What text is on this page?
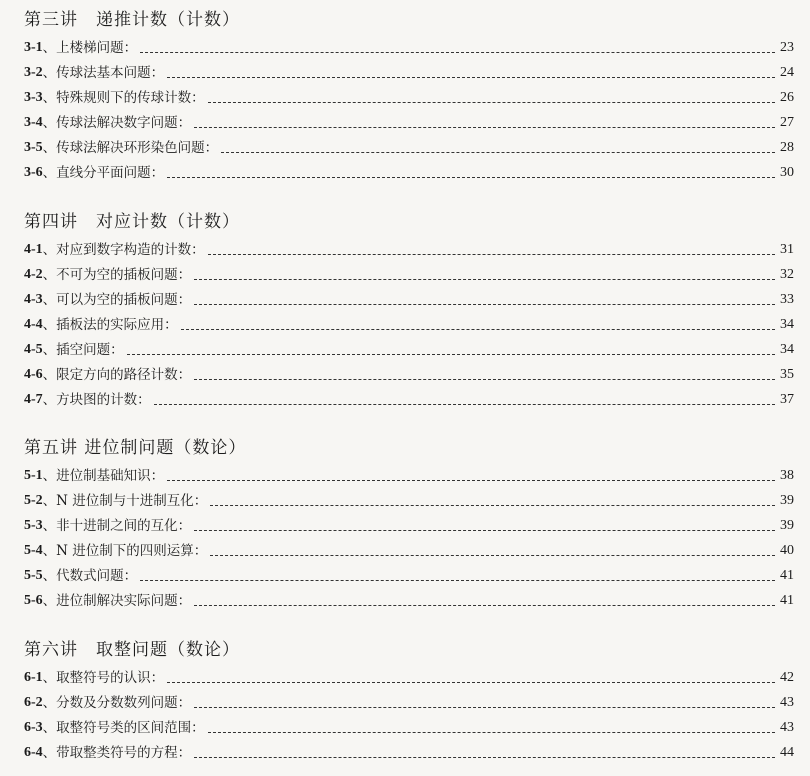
第三讲　递推计数（计数）
3-1 、上楼梯问题：	23
3-2 、传球法基本问题：	24
3-3 、特殊规则下的传球计数：	26
3-4 、传球法解决数字问题：	27
3-5 、传球法解决环形染色问题：	28
3-6 、直线分平面问题：	30
第四讲　对应计数（计数）
4-1 、对应到数字构造的计数：	31
4-2 、不可为空的插板问题：	32
4-3 、可以为空的插板问题：	33
4-4 、插板法的实际应用：	34
4-5 、插空问题：	34
4-6 、限定方向的路径计数：	35
4-7 、方块图的计数：	37
第五讲 进位制问题（数论）
5-1 、进位制基础知识：	38
5-2 、N 进位制与十进制互化：	39
5-3 、非十进制之间的互化：	39
5-4 、N 进位制下的四则运算：	40
5-5 、代数式问题：	41
5-6 、进位制解决实际问题：	41
第六讲　取整问题（数论）
6-1 、取整符号的认识：	42
6-2 、分数及分数数列问题：	43
6-3 、取整符号类的区间范围：	43
6-4 、带取整类符号的方程：	44
